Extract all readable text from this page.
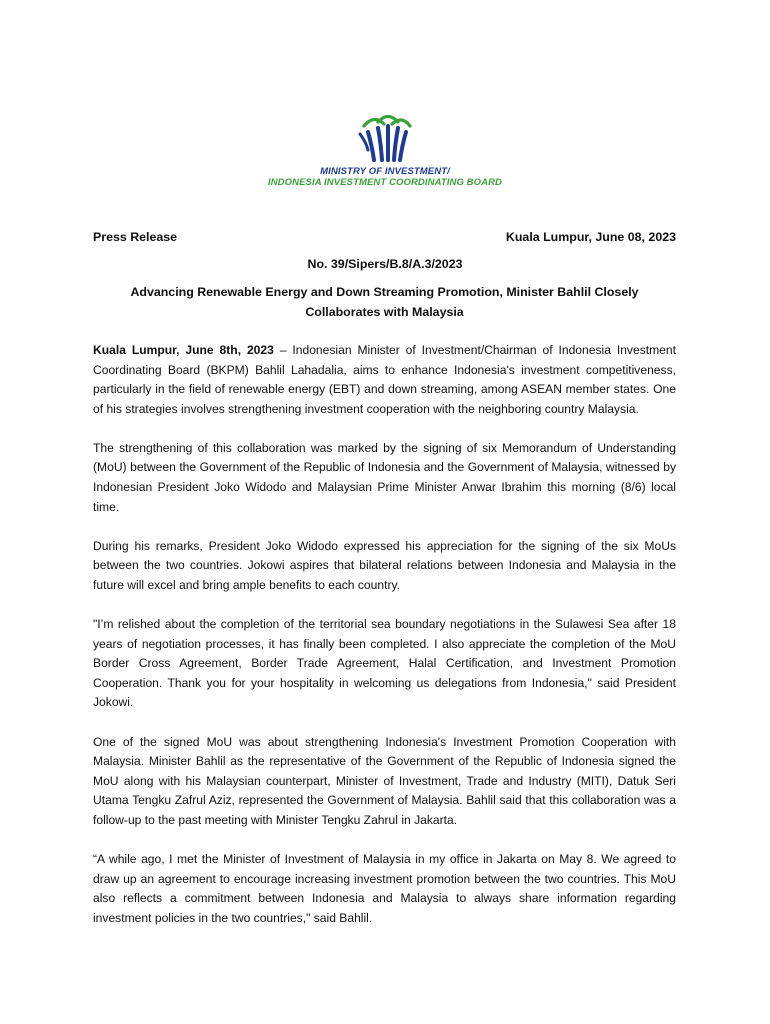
MINISTRY OF INVESTMENT/
INDONESIA INVESTMENT COORDINATING BOARD
Press Release	Kuala Lumpur, June 08, 2023
No. 39/Sipers/B.8/A.3/2023
Advancing Renewable Energy and Down Streaming Promotion, Minister Bahlil Closely Collaborates with Malaysia

Kuala Lumpur, June 8th, 2023 – Indonesian Minister of Investment/Chairman of Indonesia Investment Coordinating Board (BKPM) Bahlil Lahadalia, aims to enhance Indonesia's investment competitiveness, particularly in the field of renewable energy (EBT) and down streaming, among ASEAN member states. One of his strategies involves strengthening investment cooperation with the neighboring country Malaysia.

The strengthening of this collaboration was marked by the signing of six Memorandum of Understanding (MoU) between the Government of the Republic of Indonesia and the Government of Malaysia, witnessed by Indonesian President Joko Widodo and Malaysian Prime Minister Anwar Ibrahim this morning (8/6) local time.

During his remarks, President Joko Widodo expressed his appreciation for the signing of the six MoUs between the two countries. Jokowi aspires that bilateral relations between Indonesia and Malaysia in the future will excel and bring ample benefits to each country.

"I’m relished about the completion of the territorial sea boundary negotiations in the Sulawesi Sea after 18 years of negotiation processes, it has finally been completed. I also appreciate the completion of the MoU Border Cross Agreement, Border Trade Agreement, Halal Certification, and Investment Promotion Cooperation. Thank you for your hospitality in welcoming us delegations from Indonesia," said President Jokowi.

One of the signed MoU was about strengthening Indonesia's Investment Promotion Cooperation with Malaysia. Minister Bahlil as the representative of the Government of the Republic of Indonesia signed the MoU along with his Malaysian counterpart, Minister of Investment, Trade and Industry (MITI), Datuk Seri Utama Tengku Zafrul Aziz, represented the Government of Malaysia. Bahlil said that this collaboration was a follow-up to the past meeting with Minister Tengku Zahrul in Jakarta.

“A while ago, I met the Minister of Investment of Malaysia in my office in Jakarta on May 8. We agreed to draw up an agreement to encourage increasing investment promotion between the two countries. This MoU also reflects a commitment between Indonesia and Malaysia to always share information regarding investment policies in the two countries," said Bahlil.
